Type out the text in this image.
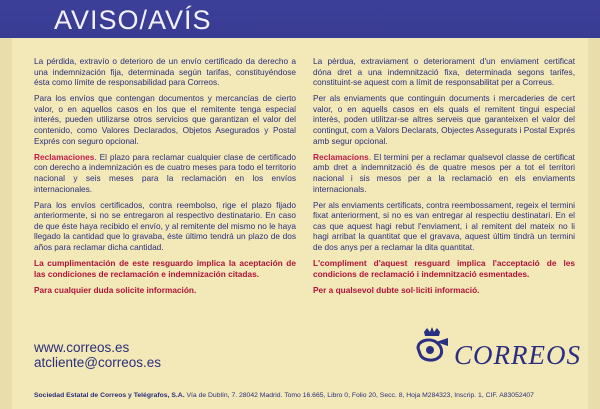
AVISO/AVÍS

La pérdida, extravío o deterioro de un envío certificado da derecho a una indemnización fija, determinada según tarifas, constituyéndose ésta como límite de responsabilidad para Correos.

Para los envíos que contengan documentos y mercancías de cierto valor, o en aquellos casos en los que el remitente tenga especial interés, pueden utilizarse otros servicios que garantizan el valor del contenido, como Valores Declarados, Objetos Asegurados y Postal Exprés con seguro opcional.

Reclamaciones. El plazo para reclamar cualquier clase de certificado con derecho a indemnización es de cuatro meses para todo el territorio nacional y seis meses para la reclamación en los envíos internacionales.

Para los envíos certificados, contra reembolso, rige el plazo fijado anteriormente, si no se entregaron al respectivo destinatario. En caso de que éste haya recibido el envío, y al remitente del mismo no le haya llegado la cantidad que lo gravaba, éste último tendrá un plazo de dos años para reclamar dicha cantidad.

La cumplimentación de este resguardo implica la aceptación de las condiciones de reclamación e indemnización citadas.

Para cualquier duda solicite información.

La pèrdua, extraviament o deteriorament d'un enviament certificat dóna dret a una indemnització fixa, determinada segons tarifes, constituint-se aquest com a límit de responsabilitat per a Correus.

Per als enviaments que continguin documents i mercaderies de cert valor, o en aquells casos en els quals el remitent tingui especial interès, poden utilitzar-se altres serveis que garanteixen el valor del contingut, com a Valors Declarats, Objectes Assegurats i Postal Exprés amb segur opcional.

Reclamacions. El termini per a reclamar qualsevol classe de certificat amb dret a indemnització és de quatre mesos per a tot el territori nacional i sis mesos per a la reclamació en els enviaments internacionals.

Per als enviaments certificats, contra reembossament, regeix el termini fixat anteriorment, si no es van entregar al respectiu destinatari. En el cas que aquest hagi rebut l'enviament, i al remitent del mateix no li hagi arribat la quantitat que el gravava, aquest últim tindrà un termini de dos anys per a reclamar la dita quantitat.

L'compliment d'aquest resguard implica l'acceptació de les condicions de reclamació i indemnització esmentades.

Per a qualsevol dubte sol·liciti informació.

www.correos.es
atcliente@correos.es	CORREOS
Sociedad Estatal de Correos y Telégrafos, S.A. Vía de Dublín, 7. 28042 Madrid. Tomo 16.665, Libro 0, Folio 20, Secc. 8, Hoja M284323, Inscrip. 1, CIF. A83052407
